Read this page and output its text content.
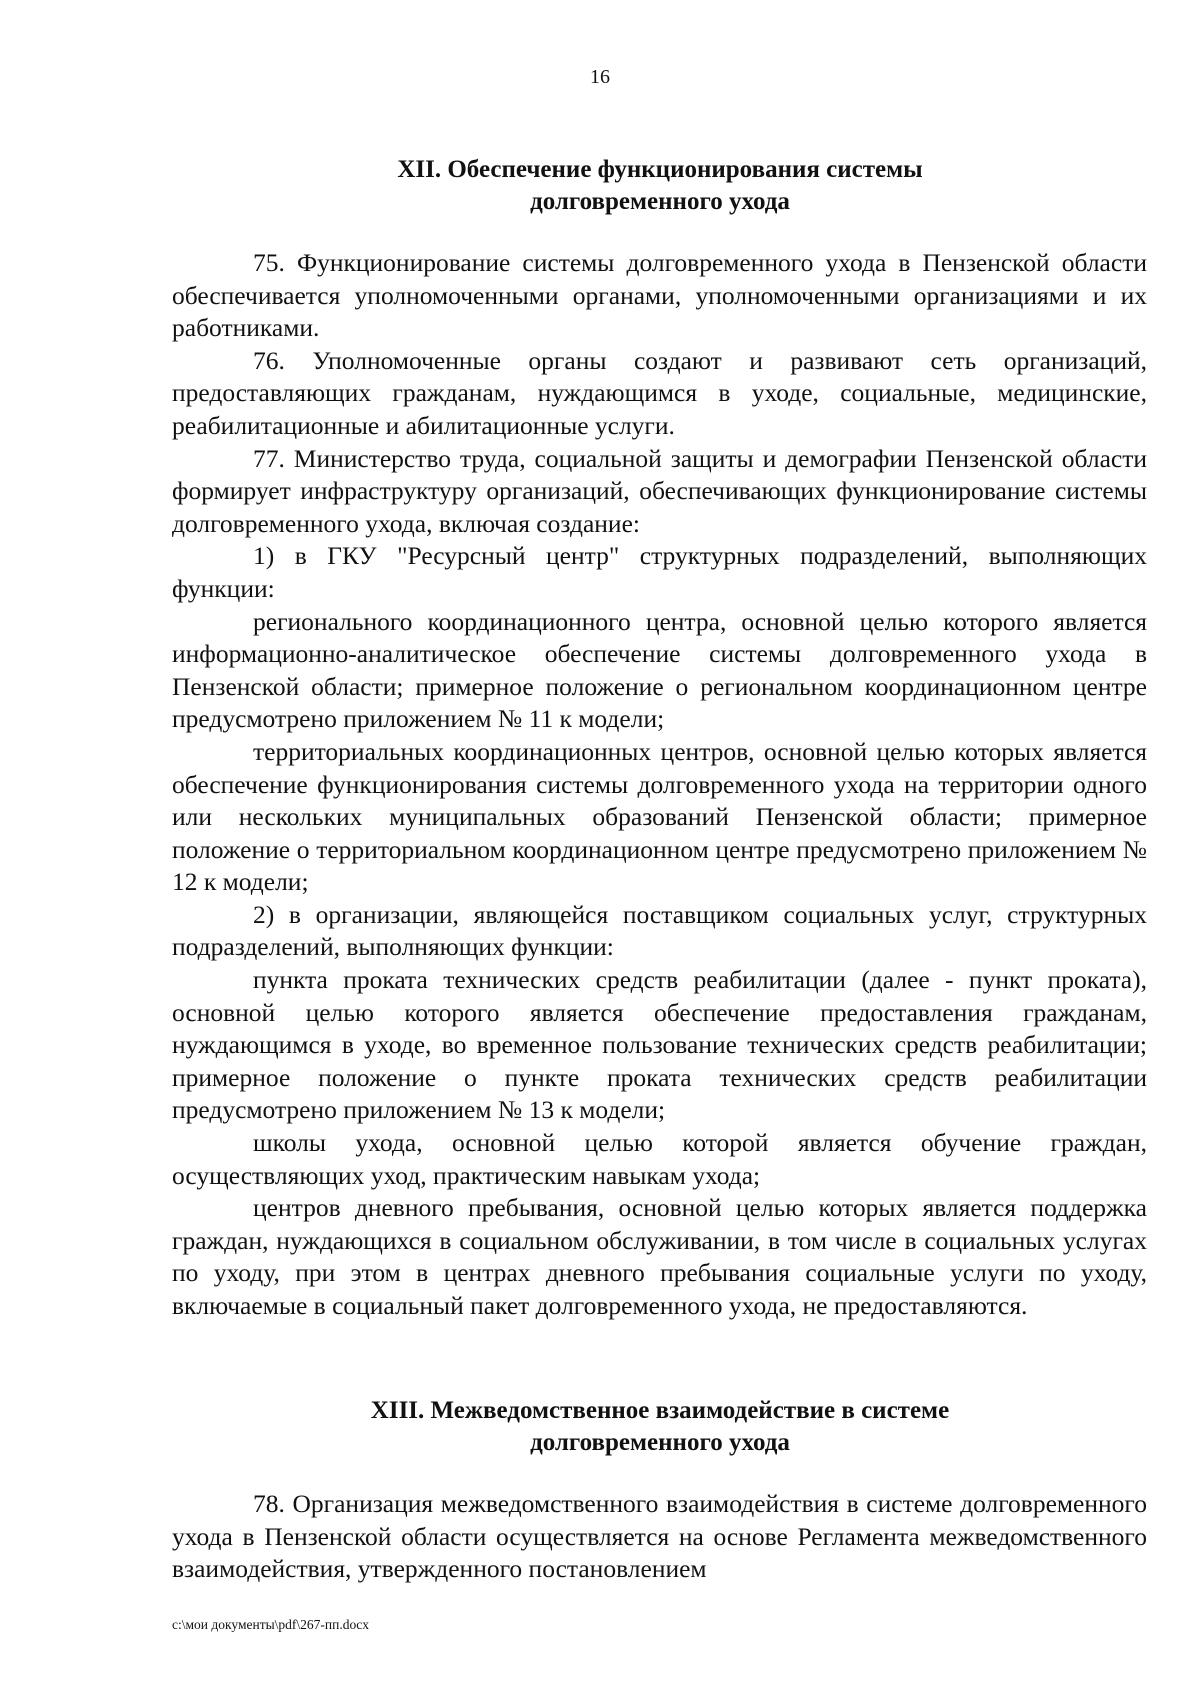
16
XII. Обеспечение функционирования системы
долговременного ухода

75. Функционирование системы долговременного ухода в Пензенской области обеспечивается уполномоченными органами, уполномоченными организациями и их работниками.

76. Уполномоченные органы создают и развивают сеть организаций, предоставляющих гражданам, нуждающимся в уходе, социальные, медицинские, реабилитационные и абилитационные услуги.

77. Министерство труда, социальной защиты и демографии Пензенской области формирует инфраструктуру организаций, обеспечивающих функционирование системы долговременного ухода, включая создание:

1) в ГКУ "Ресурсный центр" структурных подразделений, выполняющих функции:

регионального координационного центра, основной целью которого является информационно-аналитическое обеспечение системы долговременного ухода в Пензенской области; примерное положение о региональном координационном центре предусмотрено приложением № 11 к модели;

территориальных координационных центров, основной целью которых является обеспечение функционирования системы долговременного ухода на территории одного или нескольких муниципальных образований Пензенской области; примерное положение о территориальном координационном центре предусмотрено приложением № 12 к модели;

2) в организации, являющейся поставщиком социальных услуг, структурных подразделений, выполняющих функции:

пункта проката технических средств реабилитации (далее - пункт проката), основной целью которого является обеспечение предоставления гражданам, нуждающимся в уходе, во временное пользование технических средств реабилитации; примерное положение о пункте проката технических средств реабилитации предусмотрено приложением № 13 к модели;

школы ухода, основной целью которой является обучение граждан, осуществляющих уход, практическим навыкам ухода;

центров дневного пребывания, основной целью которых является поддержка граждан, нуждающихся в социальном обслуживании, в том числе в социальных услугах по уходу, при этом в центрах дневного пребывания социальные услуги по уходу, включаемые в социальный пакет долговременного ухода, не предоставляются.

XIII. Межведомственное взаимодействие в системе
долговременного ухода

78. Организация межведомственного взаимодействия в системе долговременного ухода в Пензенской области осуществляется на основе Регламента межведомственного взаимодействия, утвержденного постановлением

c:\мои документы\pdf\267-пп.docx
